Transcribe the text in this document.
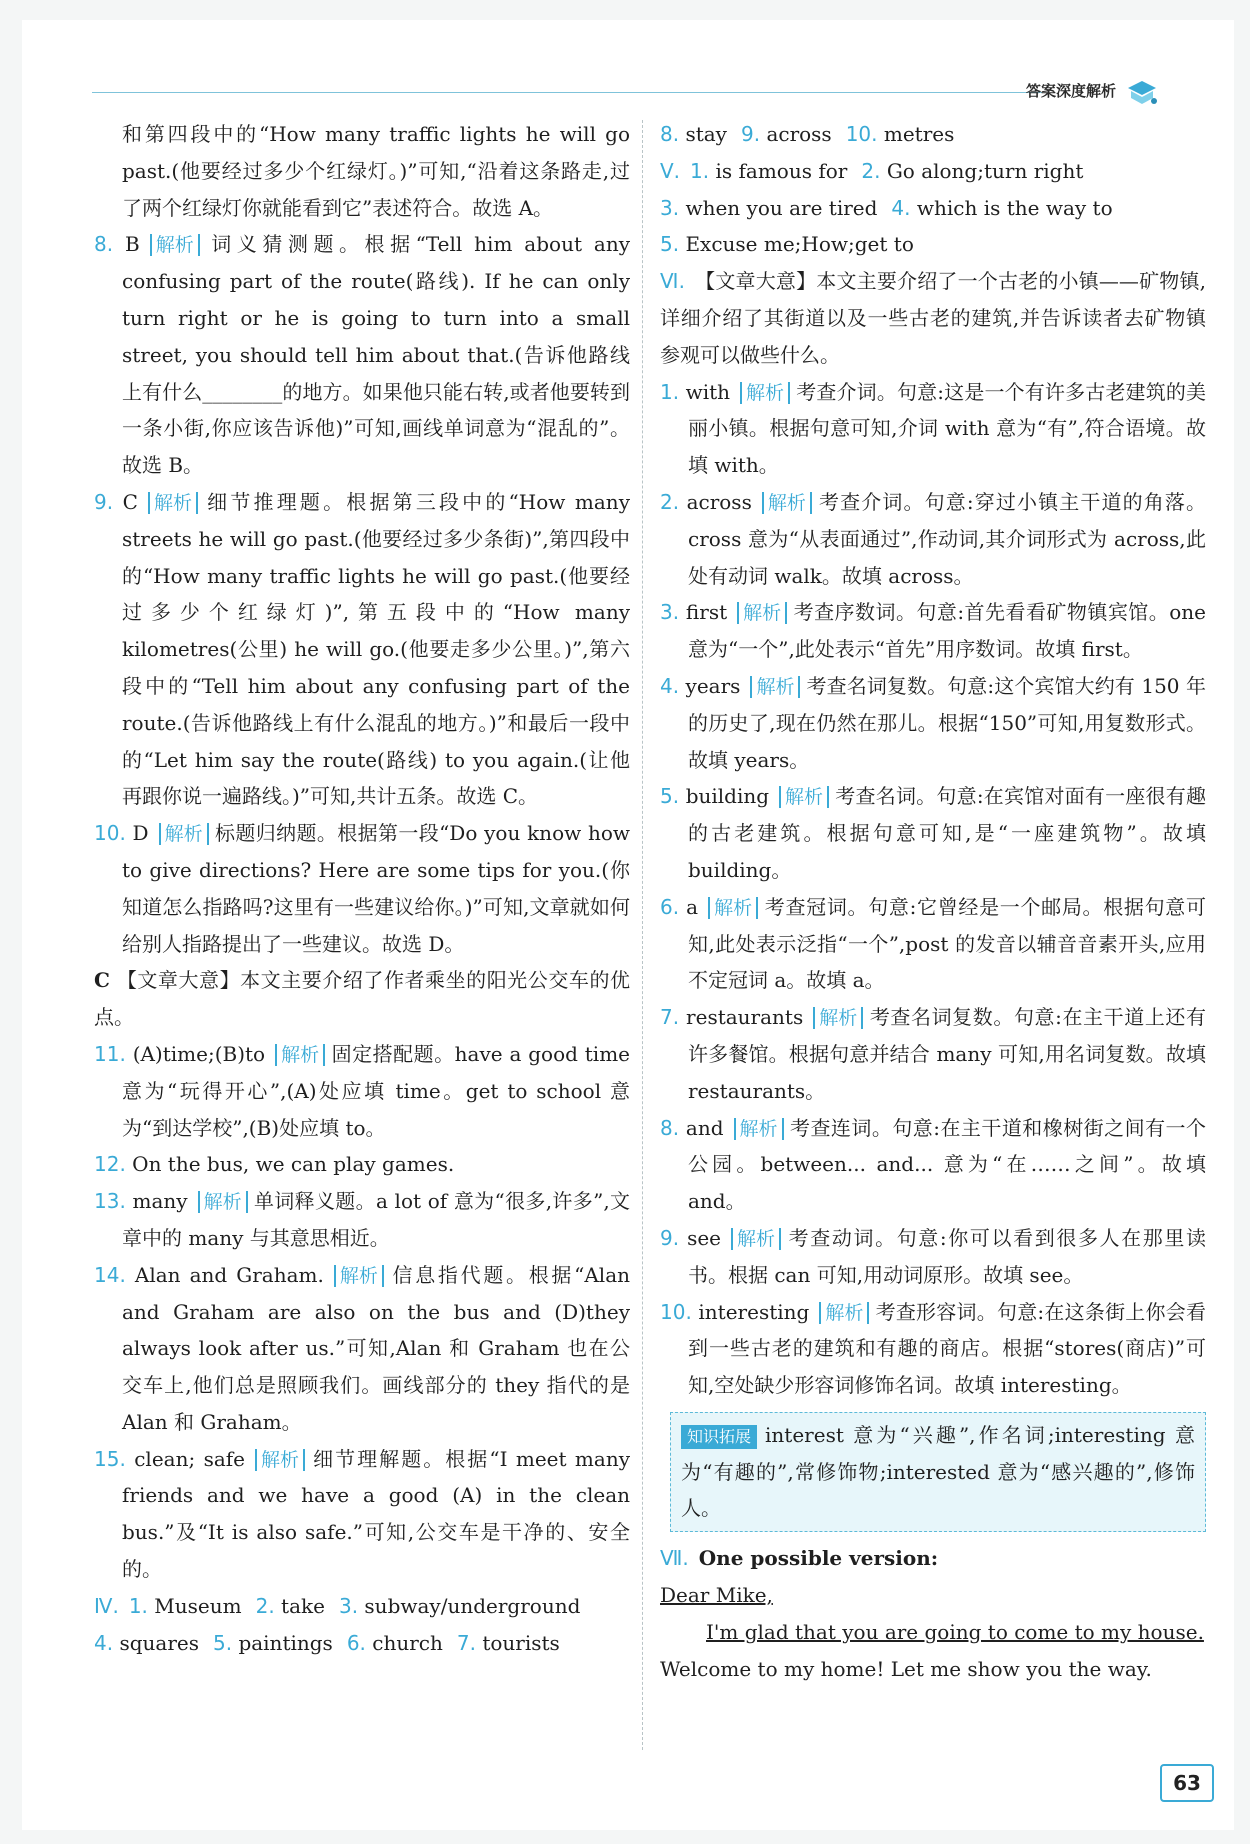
答案深度解析

和第四段中的“How many traffic lights he will go past.(他要经过多少个红绿灯。)”可知,“沿着这条路走,过了两个红绿灯你就能看到它”表述符合。故选 A。

8. B 解析 词义猜测题。根据“Tell him about any confusing part of the route(路线). If he can only turn right or he is going to turn into a small street, you should tell him about that.(告诉他路线上有什么________的地方。如果他只能右转,或者他要转到一条小街,你应该告诉他)”可知,画线单词意为“混乱的”。故选 B。

9. C 解析 细节推理题。根据第三段中的“How many streets he will go past.(他要经过多少条街)”,第四段中的“How many traffic lights he will go past.(他要经过多少个红绿灯)”,第五段中的“How many kilometres(公里) he will go.(他要走多少公里。)”,第六段中的“Tell him about any confusing part of the route.(告诉他路线上有什么混乱的地方。)”和最后一段中的“Let him say the route(路线) to you again.(让他再跟你说一遍路线。)”可知,共计五条。故选 C。

10. D 解析 标题归纳题。根据第一段“Do you know how to give directions? Here are some tips for you.(你知道怎么指路吗?这里有一些建议给你。)”可知,文章就如何给别人指路提出了一些建议。故选 D。

C 【文章大意】本文主要介绍了作者乘坐的阳光公交车的优点。

11. (A)time;(B)to 解析 固定搭配题。have a good time 意为“玩得开心”,(A)处应填 time。get to school 意为“到达学校”,(B)处应填 to。

12. On the bus, we can play games.

13. many 解析 单词释义题。a lot of 意为“很多,许多”,文章中的 many 与其意思相近。

14. Alan and Graham. 解析 信息指代题。根据“Alan and Graham are also on the bus and (D)they always look after us.”可知,Alan 和 Graham 也在公交车上,他们总是照顾我们。画线部分的 they 指代的是 Alan 和 Graham。

15. clean; safe 解析 细节理解题。根据“I meet many friends and we have a good (A) in the clean bus.”及“It is also safe.”可知,公交车是干净的、安全的。

Ⅳ. 1. Museum 2. take 3. subway/underground

4. squares 5. paintings 6. church 7. tourists

8. stay 9. across 10. metres

Ⅴ. 1. is famous for 2. Go along;turn right

3. when you are tired 4. which is the way to

5. Excuse me;How;get to

Ⅵ. 【文章大意】本文主要介绍了一个古老的小镇——矿物镇,详细介绍了其街道以及一些古老的建筑,并告诉读者去矿物镇参观可以做些什么。

1. with 解析 考查介词。句意:这是一个有许多古老建筑的美丽小镇。根据句意可知,介词 with 意为“有”,符合语境。故填 with。

2. across 解析 考查介词。句意:穿过小镇主干道的角落。cross 意为“从表面通过”,作动词,其介词形式为 across,此处有动词 walk。故填 across。

3. first 解析 考查序数词。句意:首先看看矿物镇宾馆。one 意为“一个”,此处表示“首先”用序数词。故填 first。

4. years 解析 考查名词复数。句意:这个宾馆大约有 150 年的历史了,现在仍然在那儿。根据“150”可知,用复数形式。故填 years。

5. building 解析 考查名词。句意:在宾馆对面有一座很有趣的古老建筑。根据句意可知,是“一座建筑物”。故填 building。

6. a 解析 考查冠词。句意:它曾经是一个邮局。根据句意可知,此处表示泛指“一个”,post 的发音以辅音音素开头,应用不定冠词 a。故填 a。

7. restaurants 解析 考查名词复数。句意:在主干道上还有许多餐馆。根据句意并结合 many 可知,用名词复数。故填 restaurants。

8. and 解析 考查连词。句意:在主干道和橡树街之间有一个公园。between... and... 意为“在……之间”。故填 and。

9. see 解析 考查动词。句意:你可以看到很多人在那里读书。根据 can 可知,用动词原形。故填 see。

10. interesting 解析 考查形容词。句意:在这条街上你会看到一些古老的建筑和有趣的商店。根据“stores(商店)”可知,空处缺少形容词修饰名词。故填 interesting。

知识拓展 interest 意为“兴趣”,作名词;interesting 意为“有趣的”,常修饰物;interested 意为“感兴趣的”,修饰人。

Ⅶ. One possible version:

Dear Mike,

I'm glad that you are going to come to my house.

Welcome to my home! Let me show you the way.

63
